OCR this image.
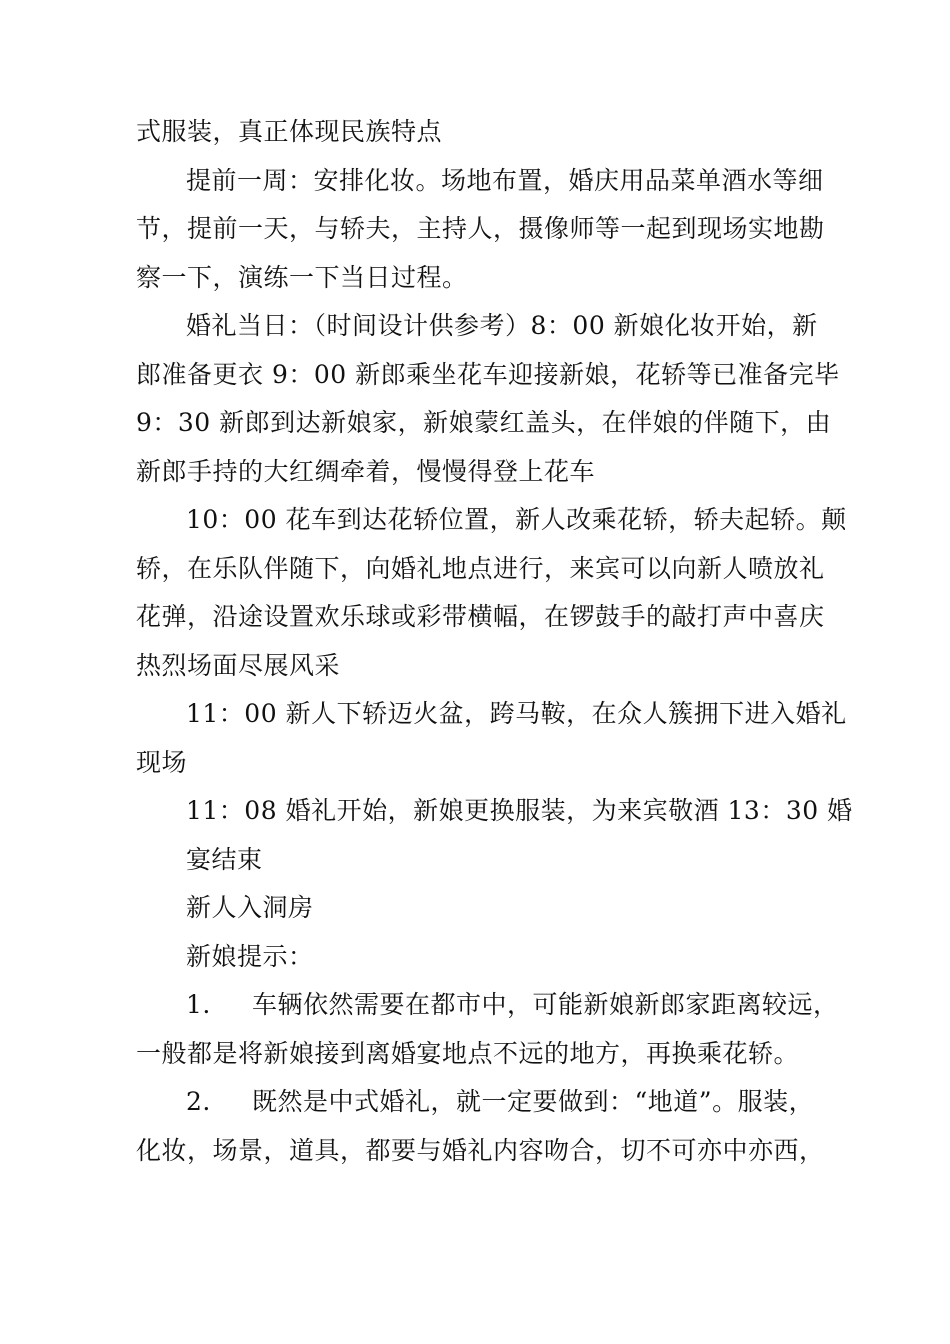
式服装，真正体现民族特点

提前一周：安排化妆。场地布置，婚庆用品菜单酒水等细
节，提前一天，与轿夫，主持人，摄像师等一起到现场实地勘
察一下，演练一下当日过程。

婚礼当日：（时间设计供参考）8：00 新娘化妆开始，新
郎准备更衣 9：00 新郎乘坐花车迎接新娘，花轿等已准备完毕
9：30 新郎到达新娘家，新娘蒙红盖头，在伴娘的伴随下，由
新郎手持的大红绸牵着，慢慢得登上花车

10：00 花车到达花轿位置，新人改乘花轿，轿夫起轿。颠
轿，在乐队伴随下，向婚礼地点进行，来宾可以向新人喷放礼
花弹，沿途设置欢乐球或彩带横幅，在锣鼓手的敲打声中喜庆
热烈场面尽展风采

11：00 新人下轿迈火盆，跨马鞍，在众人簇拥下进入婚礼
现场

11：08 婚礼开始，新娘更换服装，为来宾敬酒 13：30 婚
宴结束

新人入洞房

新娘提示：

1. 车辆依然需要在都市中，可能新娘新郎家距离较远，
一般都是将新娘接到离婚宴地点不远的地方，再换乘花轿。

2. 既然是中式婚礼，就一定要做到：“地道”。服装，
化妆，场景，道具，都要与婚礼内容吻合，切不可亦中亦西，
